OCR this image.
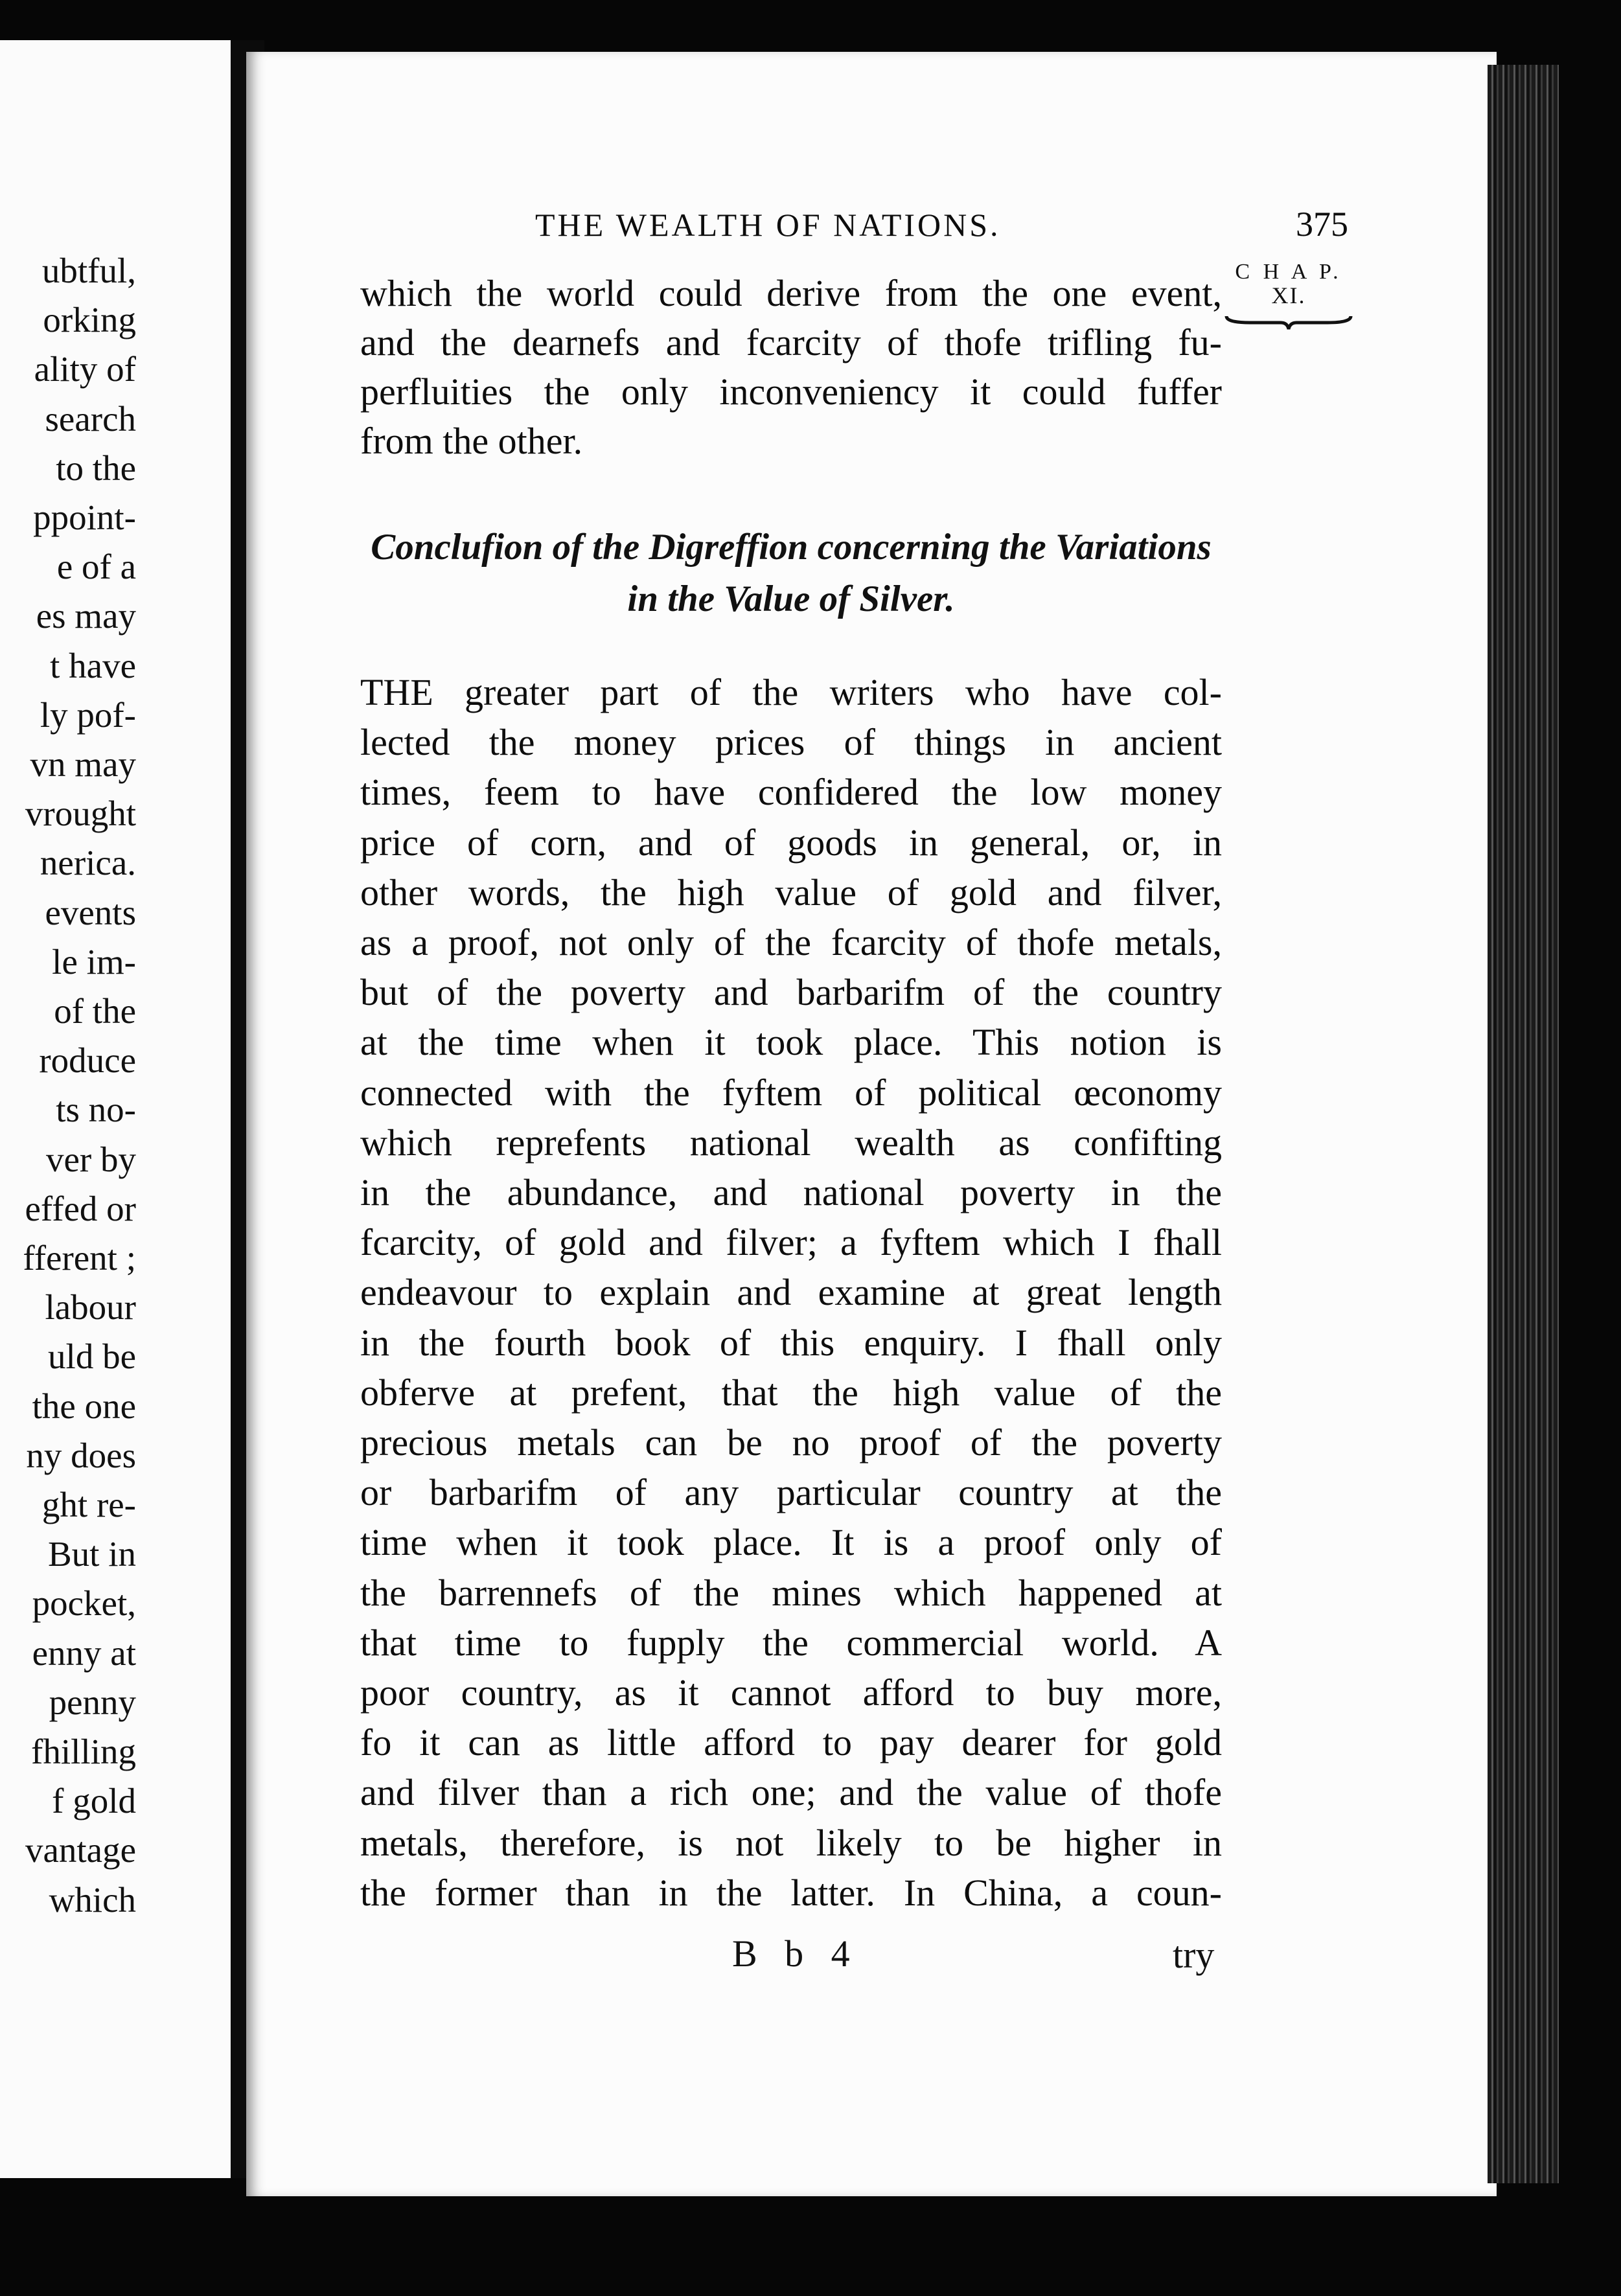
ubtful,
orking
ality of
search
to the
ppoint-
e of a
es may
t have
ly pof-
vn may
vrought
nerica.
events
le im-
of the
roduce
ts no-
ver by
effed or
fferent ;
labour
uld be
the one
ny does
ght re-
But in
pocket,
enny at
penny
fhilling
f gold
vantage
which
THE WEALTH OF NATIONS.	375
C H A P.
XI.
which the world could derive from the one event,
and the dearnefs and fcarcity of thofe trifling fu-
perfluities the only inconveniency it could fuffer
from the other.
Conclufion of the Digreffion concerning the Variations
in the Value of Silver.
THE greater part of the writers who have col-
lected the money prices of things in ancient
times, feem to have confidered the low money
price of corn, and of goods in general, or, in
other words, the high value of gold and filver,
as a proof, not only of the fcarcity of thofe metals,
but of the poverty and barbarifm of the country
at the time when it took place. This notion is
connected with the fyftem of political œconomy
which reprefents national wealth as confifting
in the abundance, and national poverty in the
fcarcity, of gold and filver; a fyftem which I fhall
endeavour to explain and examine at great length
in the fourth book of this enquiry. I fhall only
obferve at prefent, that the high value of the
precious metals can be no proof of the poverty
or barbarifm of any particular country at the
time when it took place. It is a proof only of
the barrennefs of the mines which happened at
that time to fupply the commercial world. A
poor country, as it cannot afford to buy more,
fo it can as little afford to pay dearer for gold
and filver than a rich one; and the value of thofe
metals, therefore, is not likely to be higher in
the former than in the latter. In China, a coun-
B b 4	try
